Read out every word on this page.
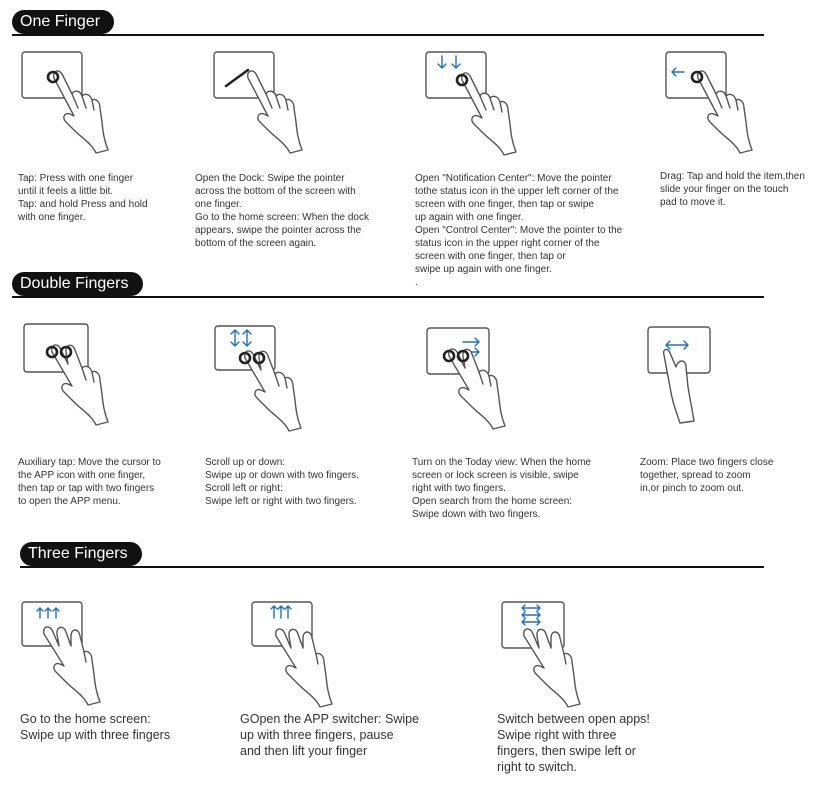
One Finger
Tap: Press with one finger
until it feels a little bit.
Tap: and hold Press and hold
with one finger.
Open the Dock: Swipe the pointer
across the bottom of the screen with
one finger.
Go to the home screen: When the dock
appears, swipe the pointer across the
bottom of the screen again.
Open "Notification Center": Move the pointer
tothe status icon in the upper left corner of the
screen with one finger, then tap or swipe
up again with one finger.
Open "Control Center": Move the pointer to the
status icon in the upper right corner of the
screen with one finger, then tap or
swipe up again with one finger.
.
Drag: Tap and hold the item,then
slide your finger on the touch
pad to move it.
Double Fingers
Auxiliary tap: Move the cursor to
the APP icon with one finger,
then tap or tap with two fingers
to open the APP menu.
Scroll up or down:
Swipe up or down with two fingers.
Scroll left or right:
Swipe left or right with two fingers.
Turn on the Today view: When the home
screen or lock screen is visible, swipe
right with two fingers.
Open search from the home screen:
Swipe down with two fingers.
Zoom: Place two fingers close
together, spread to zoom
in,or pinch to zoom out.
Three Fingers
Go to the home screen:
Swipe up with three fingers
GOpen the APP switcher: Swipe
up with three fingers, pause
and then lift your finger
Switch between open apps!
Swipe right with three
fingers, then swipe left or
right to switch.
